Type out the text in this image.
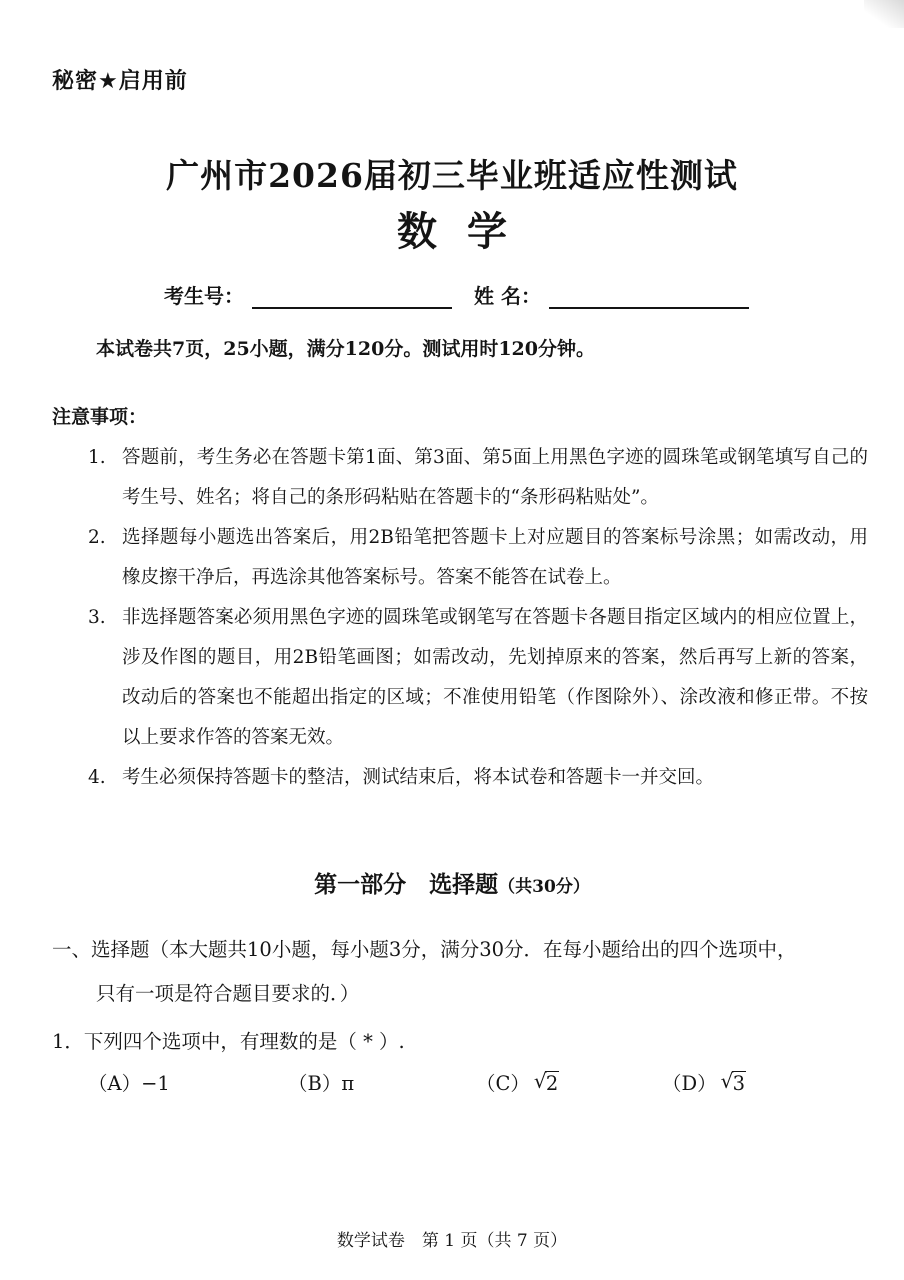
秘密★启用前
广州市2026届初三毕业班适应性测试
数学
考生号：	姓 名：
本试卷共7页，25小题，满分120分。测试用时120分钟。
注意事项：
1. 答题前，考生务必在答题卡第1面、第3面、第5面上用黑色字迹的圆珠笔或钢笔填写自己的考生号、姓名；将自己的条形码粘贴在答题卡的“条形码粘贴处”。
2. 选择题每小题选出答案后，用2B铅笔把答题卡上对应题目的答案标号涂黑；如需改动，用橡皮擦干净后，再选涂其他答案标号。答案不能答在试卷上。
3. 非选择题答案必须用黑色字迹的圆珠笔或钢笔写在答题卡各题目指定区域内的相应位置上，涉及作图的题目，用2B铅笔画图；如需改动，先划掉原来的答案，然后再写上新的答案，改动后的答案也不能超出指定的区域；不准使用铅笔（作图除外）、涂改液和修正带。不按以上要求作答的答案无效。
4. 考生必须保持答题卡的整洁，测试结束后，将本试卷和答题卡一并交回。
第一部分　选择题（共30分）
一、选择题（本大题共10小题，每小题3分，满分30分．在每小题给出的四个选项中，
只有一项是符合题目要求的．）
1．下列四个选项中，有理数的是（ * ）.
（A）−1	（B）π	（C） √ 2	（D） √ 3
数学试卷　第 1 页（共 7 页）
